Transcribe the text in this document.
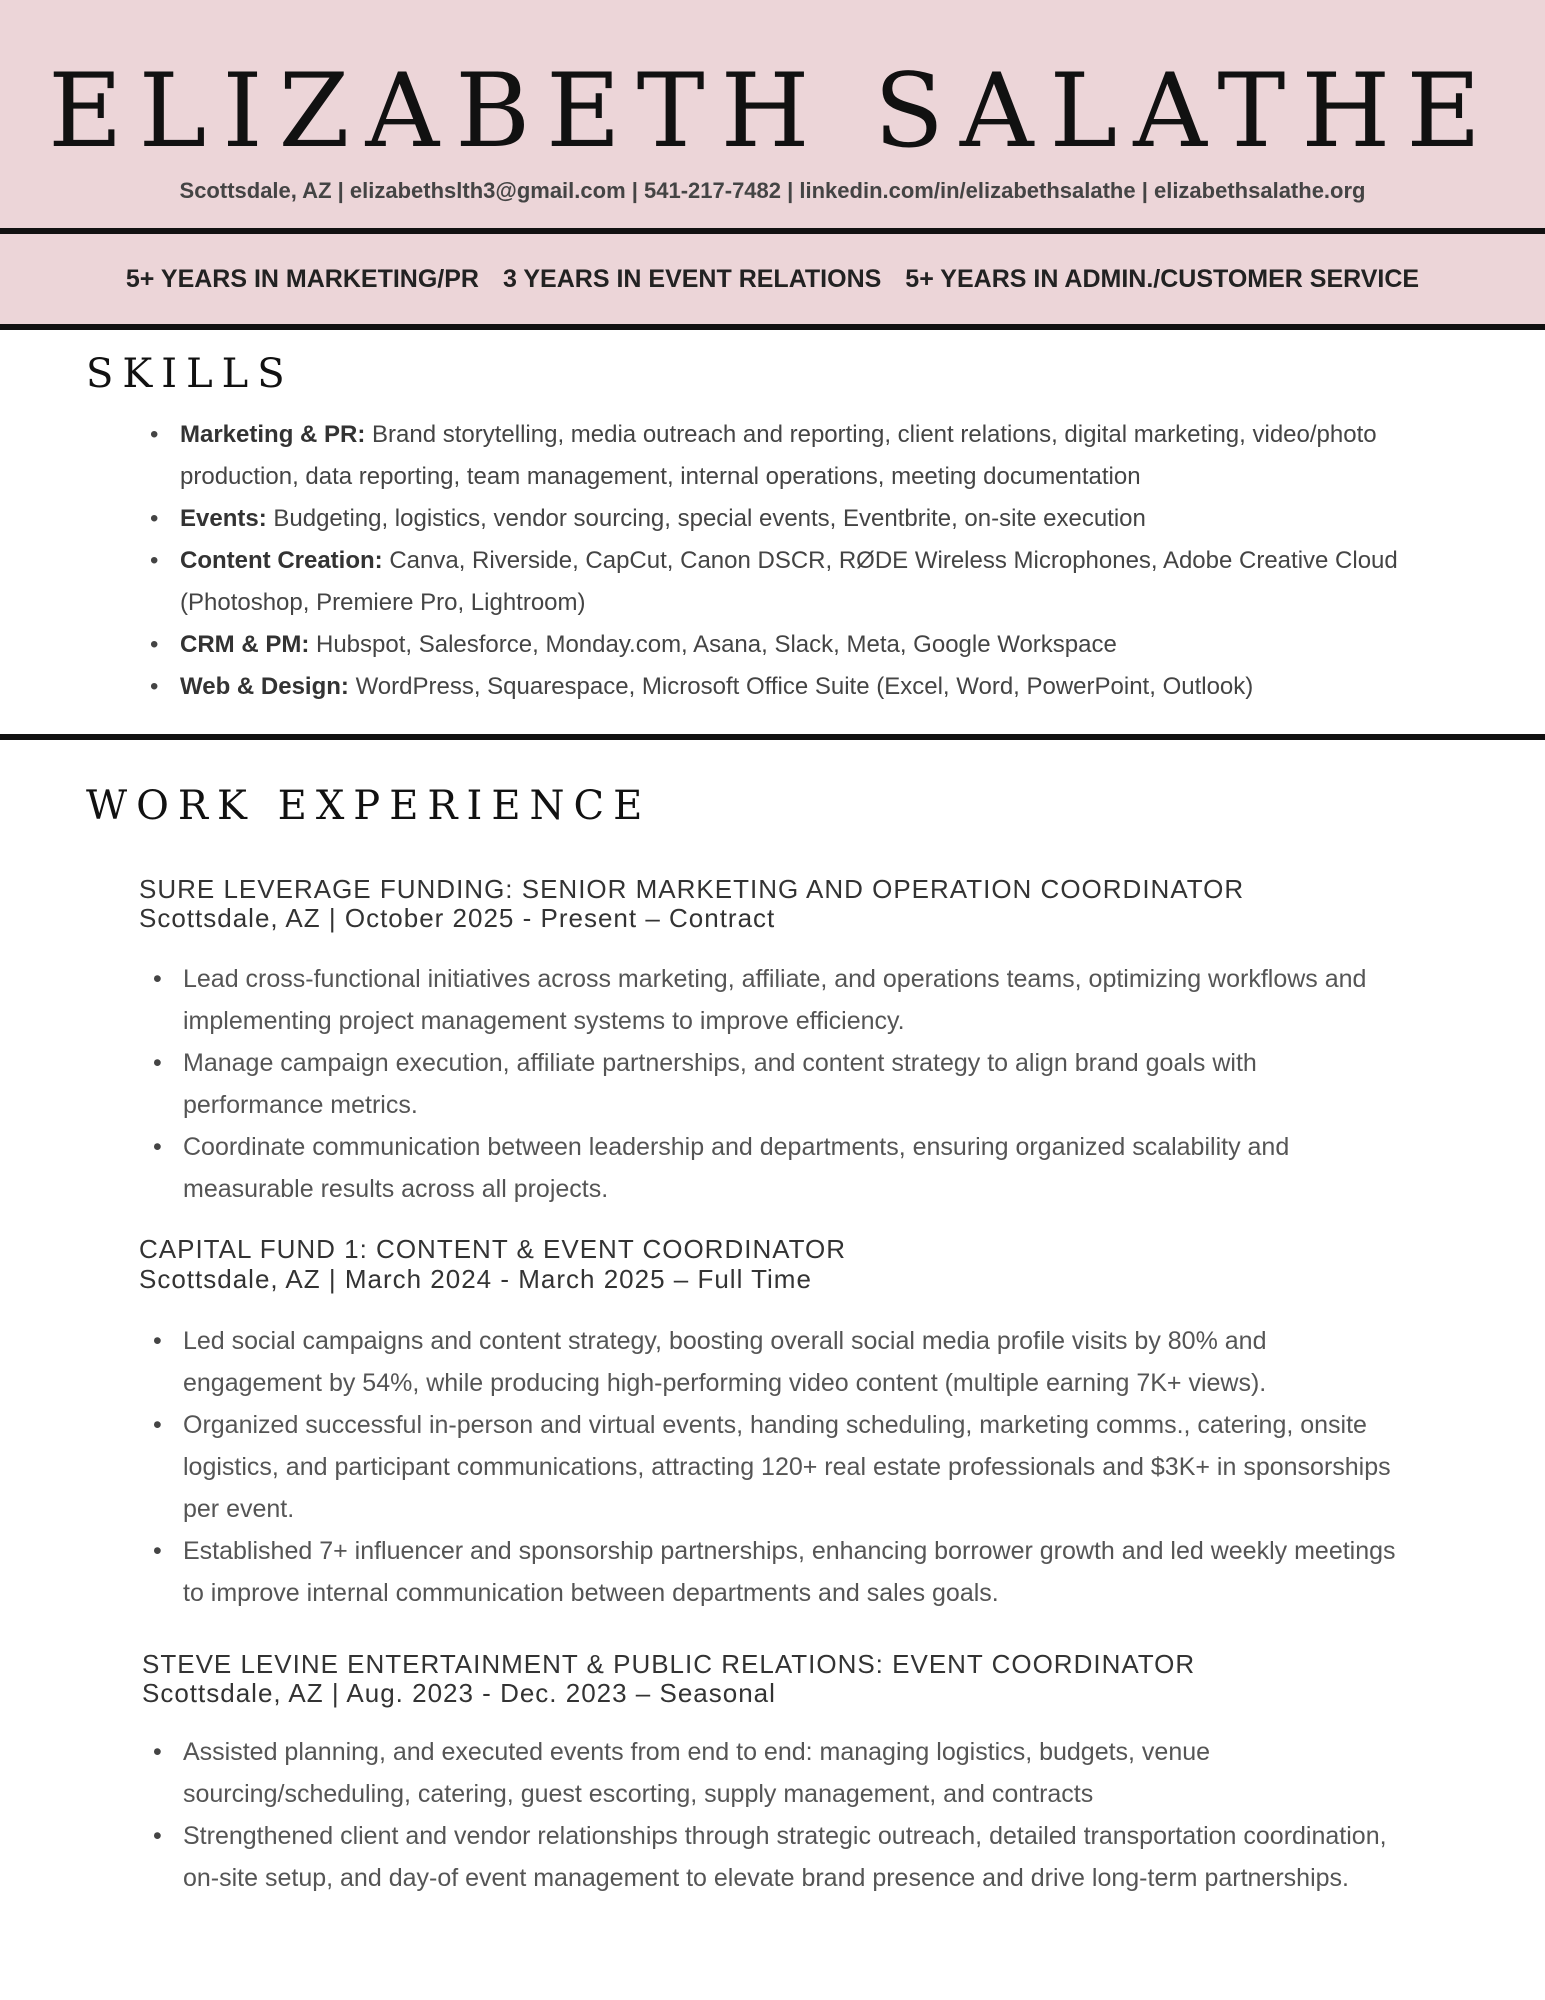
ELIZABETH SALATHE
Scottsdale, AZ | elizabethslth3@gmail.com | 541-217-7482 | linkedin.com/in/elizabethsalathe | elizabethsalathe.org
5+ YEARS IN MARKETING/PR 3 YEARS IN EVENT RELATIONS 5+ YEARS IN ADMIN./CUSTOMER SERVICE
SKILLS
• Marketing & PR: Brand storytelling, media outreach and reporting, client relations, digital marketing, video/photo production, data reporting, team management, internal operations, meeting documentation
• Events: Budgeting, logistics, vendor sourcing, special events, Eventbrite, on-site execution
• Content Creation: Canva, Riverside, CapCut, Canon DSCR, RØDE Wireless Microphones, Adobe Creative Cloud (Photoshop, Premiere Pro, Lightroom)
• CRM & PM: Hubspot, Salesforce, Monday.com, Asana, Slack, Meta, Google Workspace
• Web & Design: WordPress, Squarespace, Microsoft Office Suite (Excel, Word, PowerPoint, Outlook)
WORK EXPERIENCE
SURE LEVERAGE FUNDING: SENIOR MARKETING AND OPERATION COORDINATOR
Scottsdale, AZ | October 2025 - Present – Contract
• Lead cross-functional initiatives across marketing, affiliate, and operations teams, optimizing workflows and implementing project management systems to improve efficiency.
• Manage campaign execution, affiliate partnerships, and content strategy to align brand goals with performance metrics.
• Coordinate communication between leadership and departments, ensuring organized scalability and measurable results across all projects.
CAPITAL FUND 1: CONTENT & EVENT COORDINATOR
Scottsdale, AZ | March 2024 - March 2025 – Full Time
• Led social campaigns and content strategy, boosting overall social media profile visits by 80% and engagement by 54%, while producing high-performing video content (multiple earning 7K+ views).
• Organized successful in-person and virtual events, handing scheduling, marketing comms., catering, onsite logistics, and participant communications, attracting 120+ real estate professionals and $3K+ in sponsorships per event.
• Established 7+ influencer and sponsorship partnerships, enhancing borrower growth and led weekly meetings to improve internal communication between departments and sales goals.
STEVE LEVINE ENTERTAINMENT & PUBLIC RELATIONS: EVENT COORDINATOR
Scottsdale, AZ | Aug. 2023 - Dec. 2023 – Seasonal
• Assisted planning, and executed events from end to end: managing logistics, budgets, venue sourcing/scheduling, catering, guest escorting, supply management, and contracts
• Strengthened client and vendor relationships through strategic outreach, detailed transportation coordination, on-site setup, and day-of event management to elevate brand presence and drive long-term partnerships.
